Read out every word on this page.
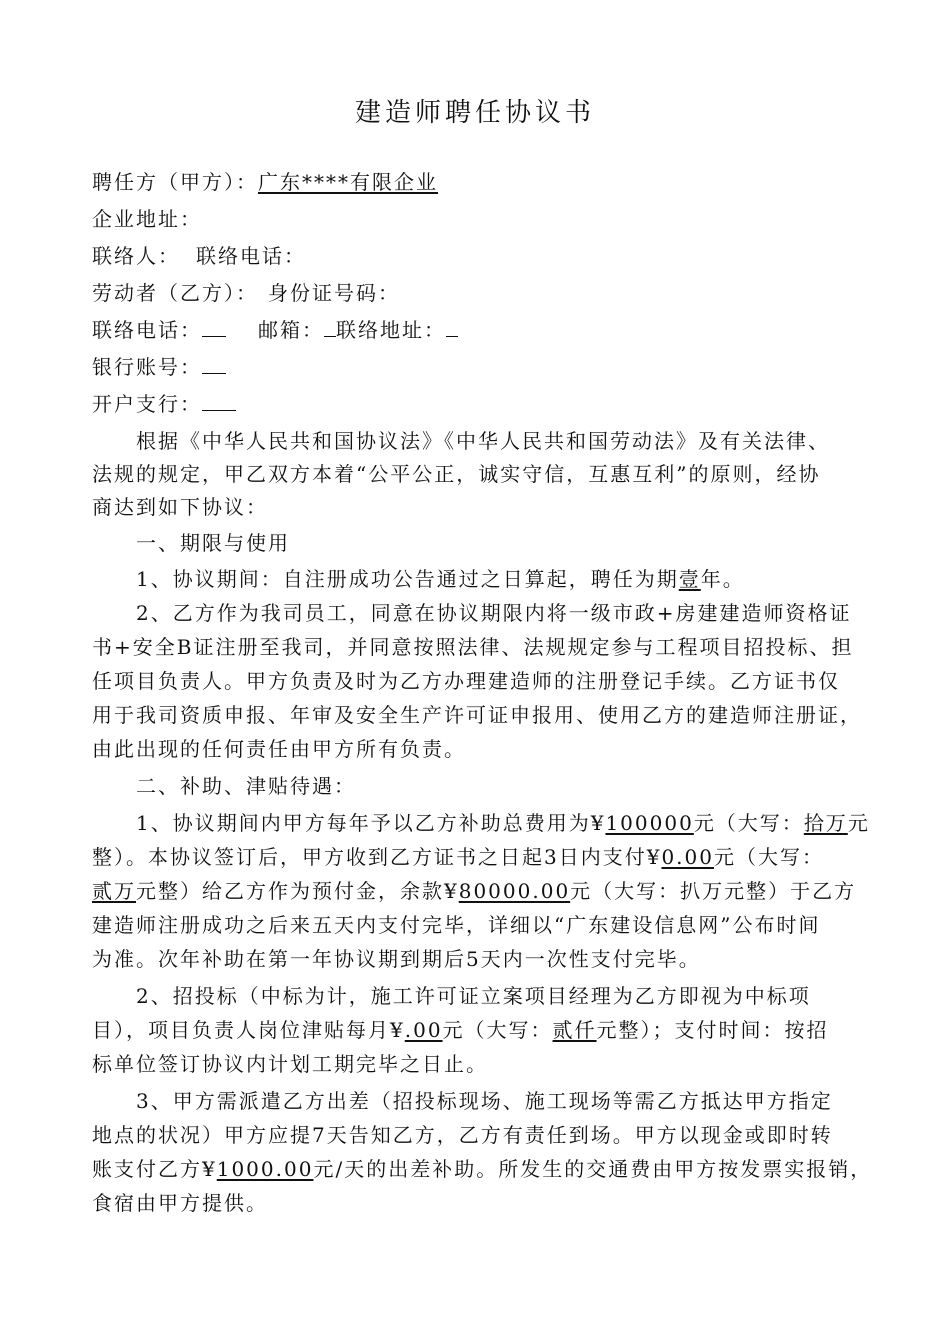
建造师聘任协议书
聘任方（甲方）：广东****有限企业
企业地址：
联络人： 联络电话：
劳动者（乙方）： 身份证号码：
联络电话：	邮箱： 联络地址：
银行账号：
开户支行：
根据《中华人民共和国协议法》《中华人民共和国劳动法》及有关法律、
法规的规定，甲乙双方本着“公平公正，诚实守信，互惠互利”的原则，经协
商达到如下协议：
一、期限与使用
1、协议期间：自注册成功公告通过之日算起，聘任为期壹年。
2、乙方作为我司员工，同意在协议期限内将一级市政+房建建造师资格证
书+安全B证注册至我司，并同意按照法律、法规规定参与工程项目招投标、担
任项目负责人。甲方负责及时为乙方办理建造师的注册登记手续。乙方证书仅
用于我司资质申报、年审及安全生产许可证申报用、使用乙方的建造师注册证，
由此出现的任何责任由甲方所有负责。
二、补助、津贴待遇：
1、协议期间内甲方每年予以乙方补助总费用为¥100000元（大写：拾万元
整）。本协议签订后，甲方收到乙方证书之日起3日内支付¥0.00元（大写：
贰万元整）给乙方作为预付金，余款¥80000.00元（大写：扒万元整）于乙方
建造师注册成功之后来五天内支付完毕，详细以“广东建设信息网”公布时间
为准。次年补助在第一年协议期到期后5天内一次性支付完毕。
2、招投标（中标为计，施工许可证立案项目经理为乙方即视为中标项
目），项目负责人岗位津贴每月¥.00元（大写：贰仟元整）；支付时间：按招
标单位签订协议内计划工期完毕之日止。
3、甲方需派遣乙方出差（招投标现场、施工现场等需乙方抵达甲方指定
地点的状况）甲方应提7天告知乙方，乙方有责任到场。甲方以现金或即时转
账支付乙方¥1000.00元/天的出差补助。所发生的交通费由甲方按发票实报销，
食宿由甲方提供。
